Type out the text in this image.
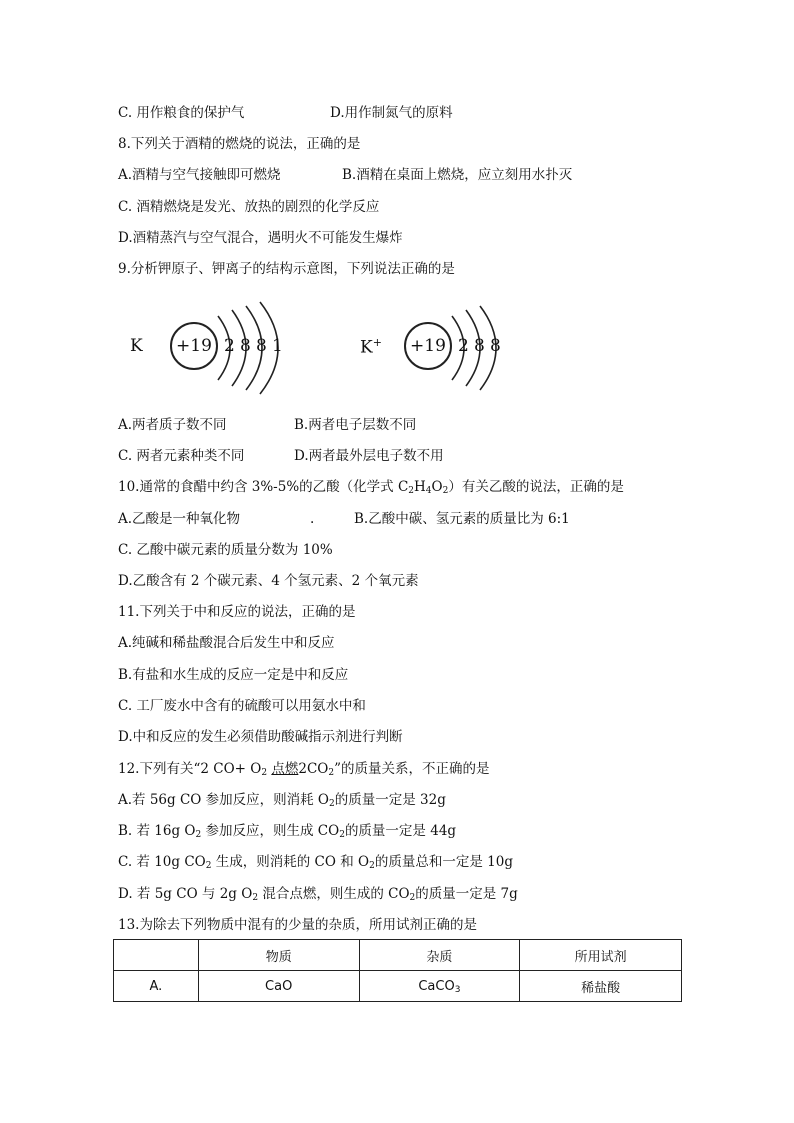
C. 用作粮食的保护气	D.用作制氮气的原料
8.下列关于酒精的燃烧的说法，正确的是
A.酒精与空气接触即可燃烧	B.酒精在桌面上燃烧，应立刻用水扑灭
C. 酒精燃烧是发光、放热的剧烈的化学反应
D.酒精蒸汽与空气混合，遇明火不可能发生爆炸
9.分析钾原子、钾离子的结构示意图，下列说法正确的是
K +19 2 8 8 1	K+ +19 2 8 8
A.两者质子数不同	B.两者电子层数不同
C. 两者元素种类不同	D.两者最外层电子数不用
10.通常的食醋中约含 3%-5%的乙酸（化学式 $C_2H_4O_2$）有关乙酸的说法，正确的是
A.乙酸是一种氧化物	.	B.乙酸中碳、氢元素的质量比为 6:1
C. 乙酸中碳元素的质量分数为 10%
D.乙酸含有 2 个碳元素、4 个氢元素、2 个氧元素
11.下列关于中和反应的说法，正确的是
A.纯碱和稀盐酸混合后发生中和反应
B.有盐和水生成的反应一定是中和反应
C. 工厂废水中含有的硫酸可以用氨水中和
D.中和反应的发生必须借助酸碱指示剂进行判断
12.下列有关“2 $CO+ O_2$ 点燃$2CO_2$”的质量关系，不正确的是
A.若 56g CO 参加反应，则消耗 $O_2$的质量一定是 32g
B. 若 16g $O_2$ 参加反应，则生成 $CO_2$的质量一定是 44g
C. 若 10g $CO_2$ 生成，则消耗的 CO 和 $O_2$的质量总和一定是 10g
D. 若 5g CO 与 2g $O_2$ 混合点燃，则生成的 $CO_2$的质量一定是 7g
13.为除去下列物质中混有的少量的杂质，所用试剂正确的是
	物质	杂质	所用试剂
A.	CaO	CaCO$_3$	稀盐酸
